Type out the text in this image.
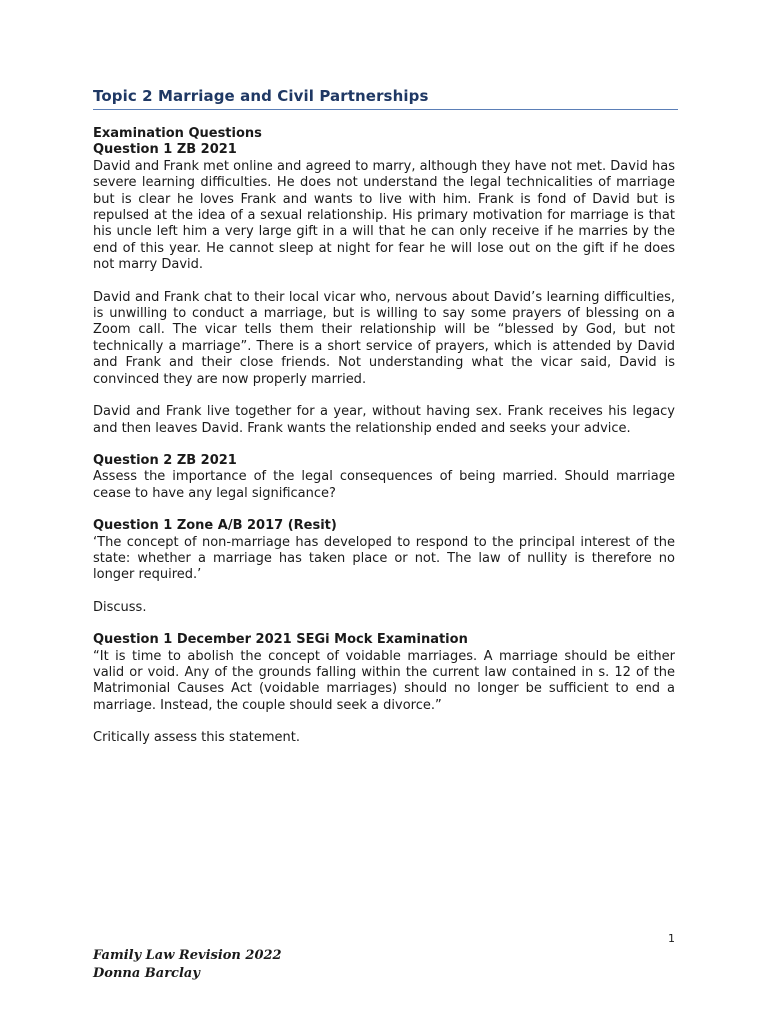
Topic 2 Marriage and Civil Partnerships
Examination Questions
Question 1 ZB 2021
David and Frank met online and agreed to marry, although they have not met. David has severe learning difficulties. He does not understand the legal technicalities of marriage but is clear he loves Frank and wants to live with him. Frank is fond of David but is repulsed at the idea of a sexual relationship. His primary motivation for marriage is that his uncle left him a very large gift in a will that he can only receive if he marries by the end of this year. He cannot sleep at night for fear he will lose out on the gift if he does not marry David.
David and Frank chat to their local vicar who, nervous about David’s learning difficulties, is unwilling to conduct a marriage, but is willing to say some prayers of blessing on a Zoom call. The vicar tells them their relationship will be “blessed by God, but not technically a marriage”. There is a short service of prayers, which is attended by David and Frank and their close friends. Not understanding what the vicar said, David is convinced they are now properly married.
David and Frank live together for a year, without having sex. Frank receives his legacy and then leaves David. Frank wants the relationship ended and seeks your advice.
Question 2 ZB 2021
Assess the importance of the legal consequences of being married. Should marriage cease to have any legal significance?
Question 1 Zone A/B 2017 (Resit)
‘The concept of non-marriage has developed to respond to the principal interest of the state: whether a marriage has taken place or not. The law of nullity is therefore no longer required.’
Discuss.
Question 1 December 2021 SEGi Mock Examination
“It is time to abolish the concept of voidable marriages. A marriage should be either valid or void. Any of the grounds falling within the current law contained in s. 12 of the Matrimonial Causes Act (voidable marriages) should no longer be sufficient to end a marriage. Instead, the couple should seek a divorce.”
Critically assess this statement.
1
Family Law Revision 2022
Donna Barclay
